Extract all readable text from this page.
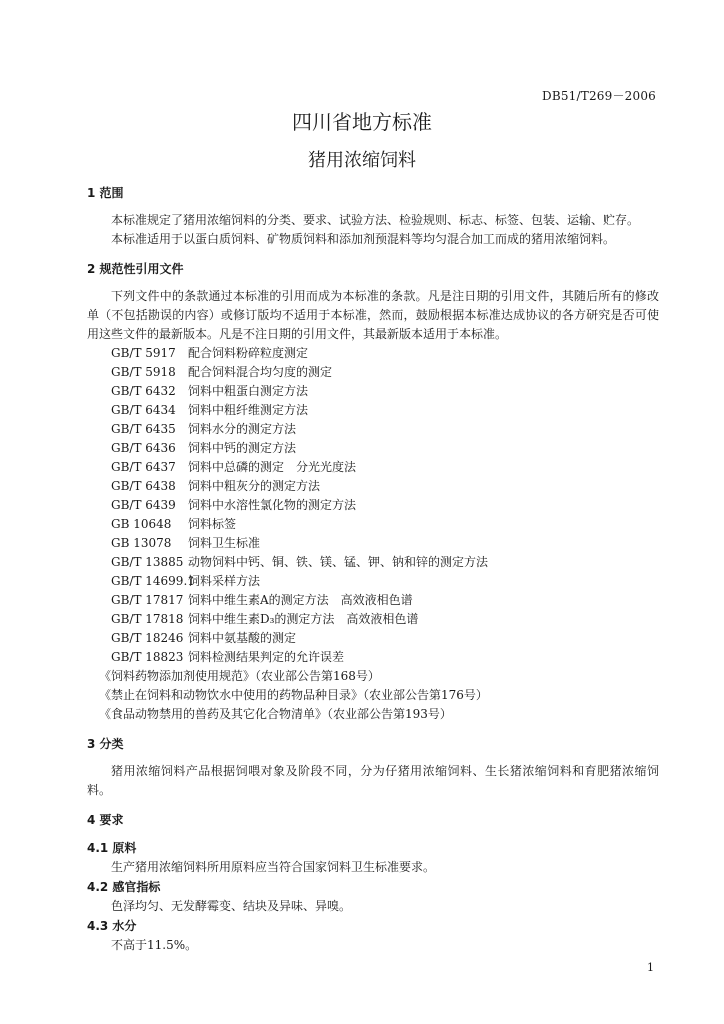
DB51/T269－2006
四川省地方标准
猪用浓缩饲料
1 范围

本标准规定了猪用浓缩饲料的分类、要求、试验方法、检验规则、标志、标签、包装、运输、贮存。

本标准适用于以蛋白质饲料、矿物质饲料和添加剂预混料等均匀混合加工而成的猪用浓缩饲料。

2 规范性引用文件

下列文件中的条款通过本标准的引用而成为本标准的条款。凡是注日期的引用文件，其随后所有的修改单（不包括勘误的内容）或修订版均不适用于本标准，然而，鼓励根据本标准达成协议的各方研究是否可使用这些文件的最新版本。凡是不注日期的引用文件，其最新版本适用于本标准。

GB/T 5917 配合饲料粉碎粒度测定

GB/T 5918 配合饲料混合均匀度的测定

GB/T 6432 饲料中粗蛋白测定方法

GB/T 6434 饲料中粗纤维测定方法

GB/T 6435 饲料水分的测定方法

GB/T 6436 饲料中钙的测定方法

GB/T 6437 饲料中总磷的测定　分光光度法

GB/T 6438 饲料中粗灰分的测定方法

GB/T 6439 饲料中水溶性氯化物的测定方法

GB 10648 饲料标签

GB 13078 饲料卫生标准

GB/T 13885 动物饲料中钙、铜、铁、镁、锰、钾、钠和锌的测定方法

GB/T 14699.1饲料采样方法

GB/T 17817 饲料中维生素A的测定方法　高效液相色谱

GB/T 17818 饲料中维生素D₃的测定方法　高效液相色谱

GB/T 18246 饲料中氨基酸的测定

GB/T 18823 饲料检测结果判定的允许误差

《饲料药物添加剂使用规范》（农业部公告第168号）

《禁止在饲料和动物饮水中使用的药物品种目录》（农业部公告第176号）

《食品动物禁用的兽药及其它化合物清单》（农业部公告第193号）

3 分类

猪用浓缩饲料产品根据饲喂对象及阶段不同，分为仔猪用浓缩饲料、生长猪浓缩饲料和育肥猪浓缩饲料。

4 要求
4.1 原料

生产猪用浓缩饲料所用原料应当符合国家饲料卫生标准要求。

4.2 感官指标

色泽均匀、无发酵霉变、结块及异味、异嗅。

4.3 水分

不高于11.5%。

1
